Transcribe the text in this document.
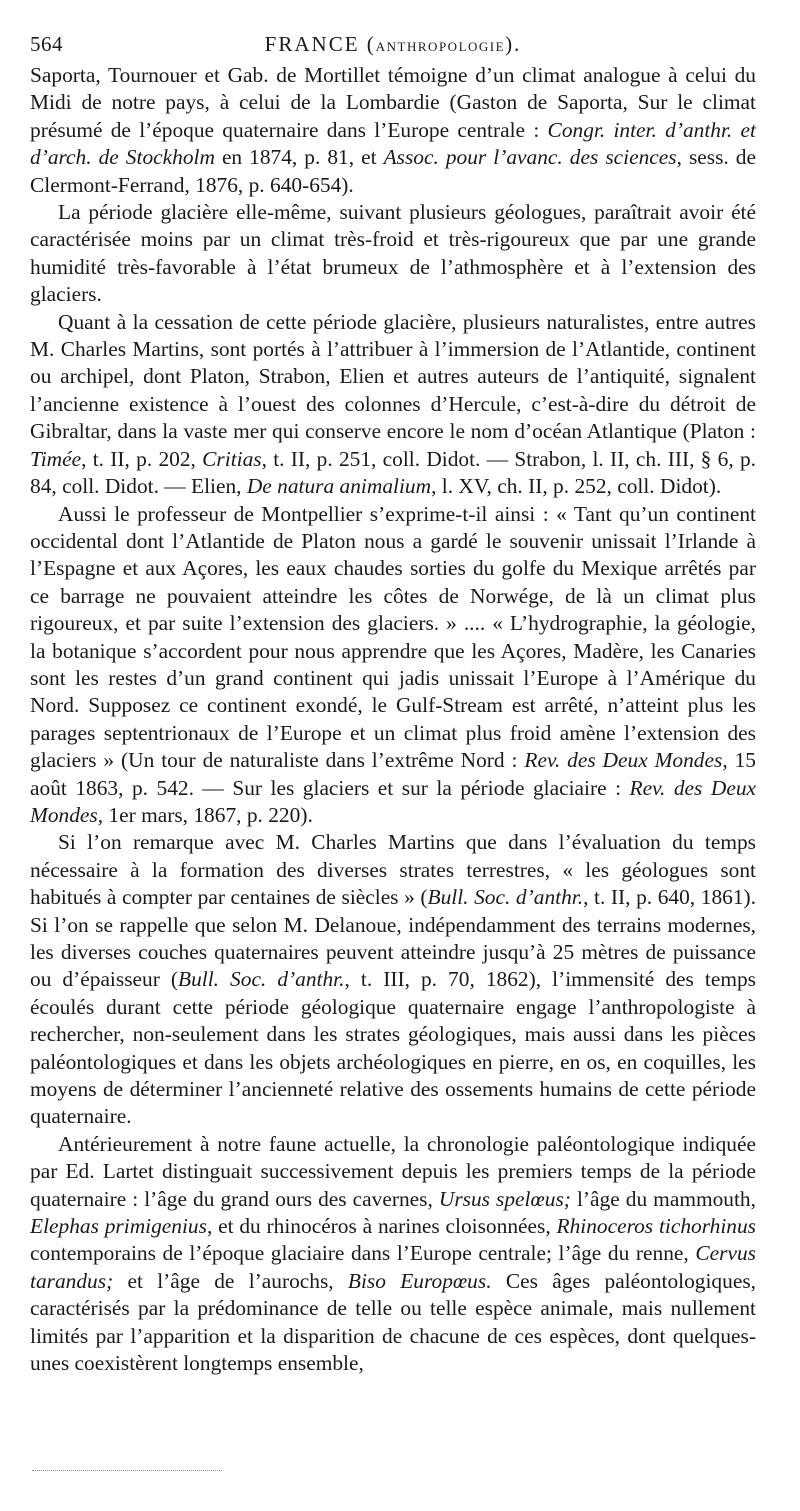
564	FRANCE (anthropologie).

Saporta, Tournouer et Gab. de Mortillet témoigne d’un climat analogue à celui du Midi de notre pays, à celui de la Lombardie (Gaston de Saporta, Sur le climat présumé de l’époque quaternaire dans l’Europe centrale : Congr. inter. d’anthr. et d’arch. de Stockholm en 1874, p. 81, et Assoc. pour l’avanc. des sciences, sess. de Clermont-Ferrand, 1876, p. 640-654).

La période glacière elle-même, suivant plusieurs géologues, paraîtrait avoir été caractérisée moins par un climat très-froid et très-rigoureux que par une grande humidité très-favorable à l’état brumeux de l’athmosphère et à l’extension des glaciers.

Quant à la cessation de cette période glacière, plusieurs naturalistes, entre autres M. Charles Martins, sont portés à l’attribuer à l’immersion de l’Atlantide, continent ou archipel, dont Platon, Strabon, Elien et autres auteurs de l’antiquité, signalent l’ancienne existence à l’ouest des colonnes d’Hercule, c’est-à-dire du détroit de Gibraltar, dans la vaste mer qui conserve encore le nom d’océan Atlantique (Platon : Timée, t. II, p. 202, Critias, t. II, p. 251, coll. Didot. — Strabon, l. II, ch. III, § 6, p. 84, coll. Didot. — Elien, De natura animalium, l. XV, ch. II, p. 252, coll. Didot).

Aussi le professeur de Montpellier s’exprime-t-il ainsi : « Tant qu’un continent occidental dont l’Atlantide de Platon nous a gardé le souvenir unissait l’Irlande à l’Espagne et aux Açores, les eaux chaudes sorties du golfe du Mexique arrêtés par ce barrage ne pouvaient atteindre les côtes de Norwége, de là un climat plus rigoureux, et par suite l’extension des glaciers. » .... « L’hydrographie, la géologie, la botanique s’accordent pour nous apprendre que les Açores, Madère, les Canaries sont les restes d’un grand continent qui jadis unissait l’Europe à l’Amérique du Nord. Supposez ce continent exondé, le Gulf-Stream est arrêté, n’atteint plus les parages septentrionaux de l’Europe et un climat plus froid amène l’extension des glaciers » (Un tour de naturaliste dans l’extrême Nord : Rev. des Deux Mondes, 15 août 1863, p. 542. — Sur les glaciers et sur la période glaciaire : Rev. des Deux Mondes, 1er mars, 1867, p. 220).

Si l’on remarque avec M. Charles Martins que dans l’évaluation du temps nécessaire à la formation des diverses strates terrestres, « les géologues sont habitués à compter par centaines de siècles » (Bull. Soc. d’anthr., t. II, p. 640, 1861). Si l’on se rappelle que selon M. Delanoue, indépendamment des terrains modernes, les diverses couches quaternaires peuvent atteindre jusqu’à 25 mètres de puissance ou d’épaisseur (Bull. Soc. d’anthr., t. III, p. 70, 1862), l’immensité des temps écoulés durant cette période géologique quaternaire engage l’anthropologiste à rechercher, non-seulement dans les strates géologiques, mais aussi dans les pièces paléontologiques et dans les objets archéologiques en pierre, en os, en coquilles, les moyens de déterminer l’ancienneté relative des ossements humains de cette période quaternaire.

Antérieurement à notre faune actuelle, la chronologie paléontologique indiquée par Ed. Lartet distinguait successivement depuis les premiers temps de la période quaternaire : l’âge du grand ours des cavernes, Ursus spelœus; l’âge du mammouth, Elephas primigenius, et du rhinocéros à narines cloisonnées, Rhinoceros tichorhinus contemporains de l’époque glaciaire dans l’Europe centrale; l’âge du renne, Cervus tarandus; et l’âge de l’aurochs, Biso Europœus. Ces âges paléontologiques, caractérisés par la prédominance de telle ou telle espèce animale, mais nullement limités par l’apparition et la disparition de chacune de ces espèces, dont quelques-unes coexistèrent longtemps ensemble,
